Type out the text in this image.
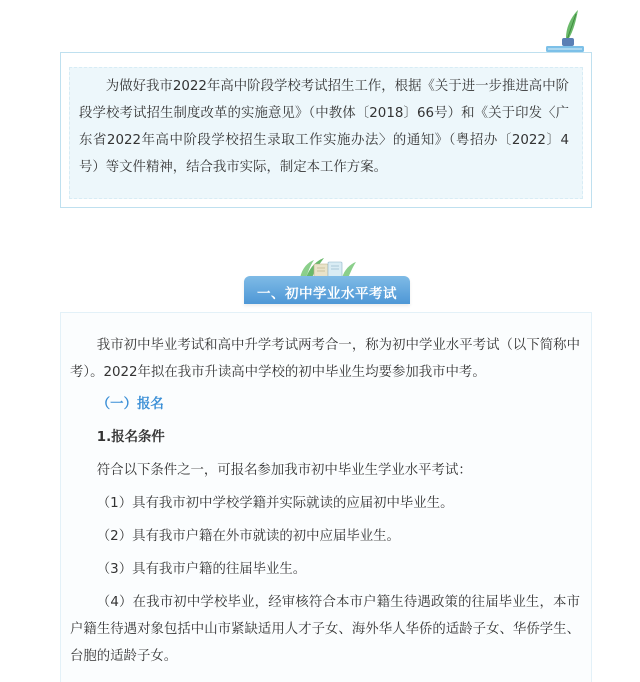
为做好我市2022年高中阶段学校考试招生工作，根据《关于进一步推进高中阶段学校考试招生制度改革的实施意见》（中教体〔2018〕66号）和《关于印发〈广东省2022年高中阶段学校招生录取工作实施办法〉的通知》（粤招办〔2022〕4号）等文件精神，结合我市实际，制定本工作方案。

一、初中学业水平考试

我市初中毕业考试和高中升学考试两考合一，称为初中学业水平考试（以下简称中考）。2022年拟在我市升读高中学校的初中毕业生均要参加我市中考。

（一）报名

1.报名条件

符合以下条件之一，可报名参加我市初中毕业生学业水平考试：

（1）具有我市初中学校学籍并实际就读的应届初中毕业生。

（2）具有我市户籍在外市就读的初中应届毕业生。

（3）具有我市户籍的往届毕业生。

（4）在我市初中学校毕业，经审核符合本市户籍生待遇政策的往届毕业生，本市户籍生待遇对象包括中山市紧缺适用人才子女、海外华人华侨的适龄子女、华侨学生、台胞的适龄子女。
